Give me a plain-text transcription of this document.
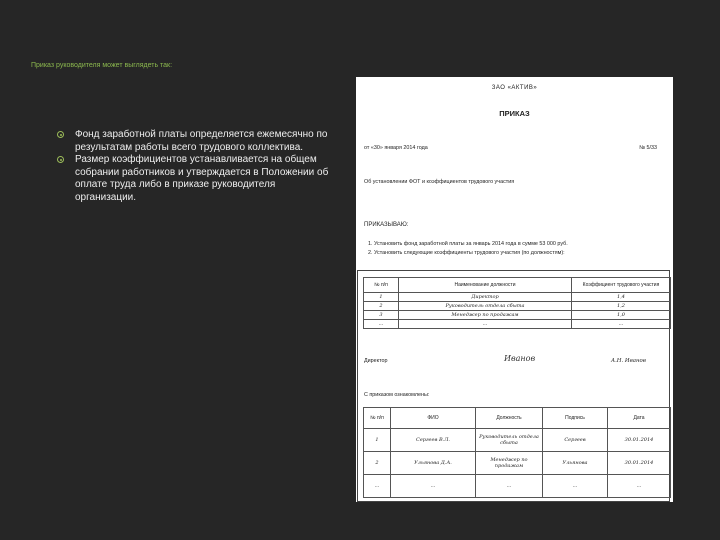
Приказ руководителя может выглядеть так:
Фонд заработной платы определяется ежемесячно по результатам работы всего трудового коллектива.
Размер коэффициентов устанавливается на общем собрании работников и утверждается в Положении об оплате труда либо в приказе руководителя организации.
ЗАО «АКТИВ»
ПРИКАЗ
от «30» января 2014 года	№ 5/33
Об установлении ФОТ и коэффициентов трудового участия
ПРИКАЗЫВАЮ:
1. Установить фонд заработной платы за январь 2014 года в сумме 53 000 руб.
2. Установить следующие коэффициенты трудового участия (по должностям):
№ п/п	Наименование должности	Коэффициент трудового участия
1	Директор	1,4
2	Руководитель отдела сбыта	1,2
3	Менеджер по продажам	1,0
...	...	...
Директор	Иванов	А.Н. Иванов
С приказом ознакомлены:
№ п/п	ФИО	Должность	Подпись	Дата
1	Сергеев В.Л.	Руководитель отдела сбыта	Сергеев	30.01.2014
2	Ульянова Д.А.	Менеджер по продажам	Ульянова	30.01.2014
...	...	...	...	...
